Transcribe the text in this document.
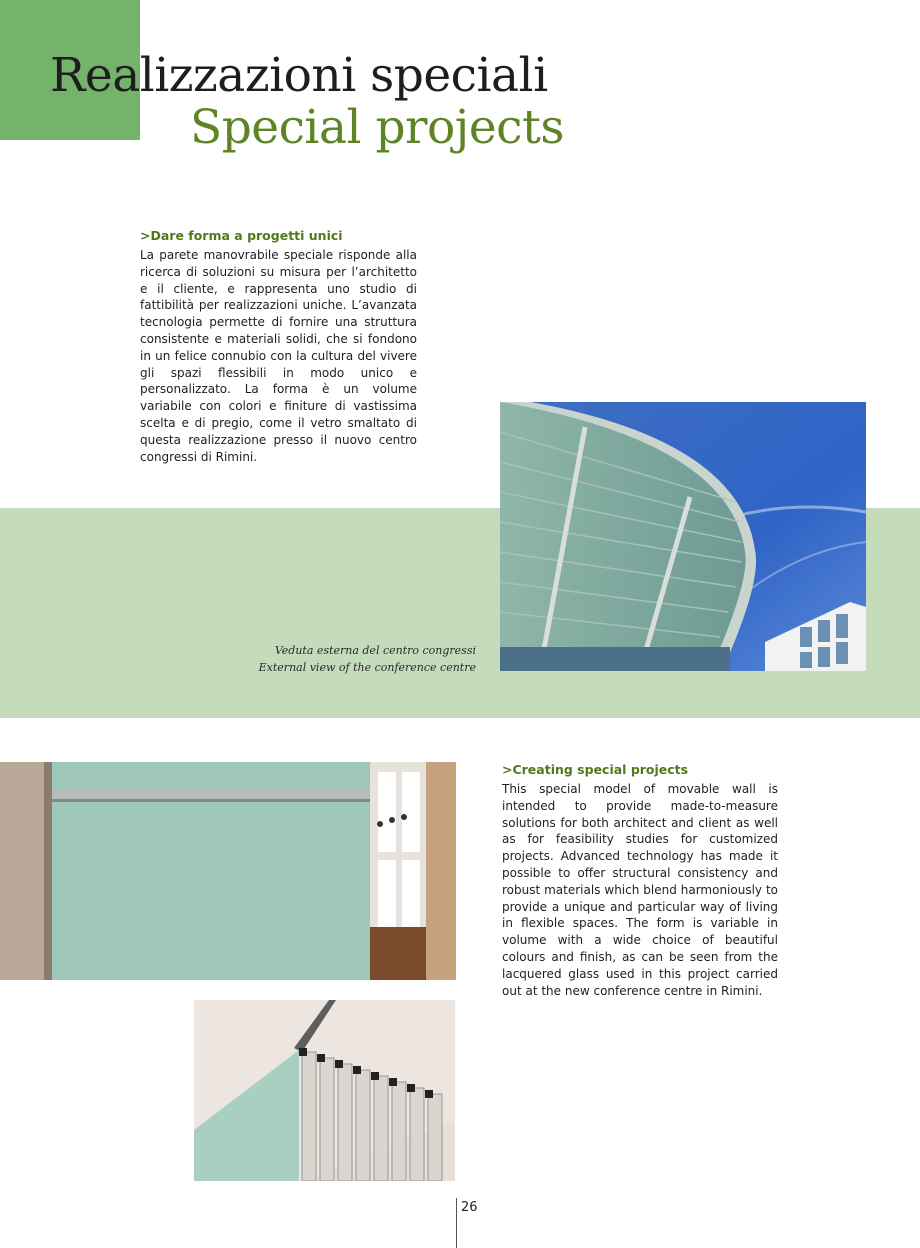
Realizzazioni speciali
Special projects
>Dare forma a progetti unici

La parete manovrabile speciale risponde alla ricerca di soluzioni su misura per l’architetto e il cliente, e rappresenta uno studio di fattibilità per realizzazioni uniche. L’avanzata tecnologia permette di fornire una struttura consistente e materiali solidi, che si fondono in un felice connubio con la cultura del vivere gli spazi flessibili in modo unico e personalizzato. La forma è un volume variabile con colori e finiture di vastissima scelta e di pregio, come il vetro smaltato di questa realizzazione presso il nuovo centro congressi di Rimini.

Veduta esterna del centro congressi
External view of the conference centre
>Creating special projects

This special model of movable wall is intended to provide made-to-measure solutions for both architect and client as well as for feasibility studies for customized projects. Advanced technology has made it possible to offer structural consistency and robust materials which blend harmoniously to provide a unique and particular way of living in flexible spaces. The form is variable in volume with a wide choice of beautiful colours and finish, as can be seen from the lacquered glass used in this project carried out at the new conference centre in Rimini.

26
